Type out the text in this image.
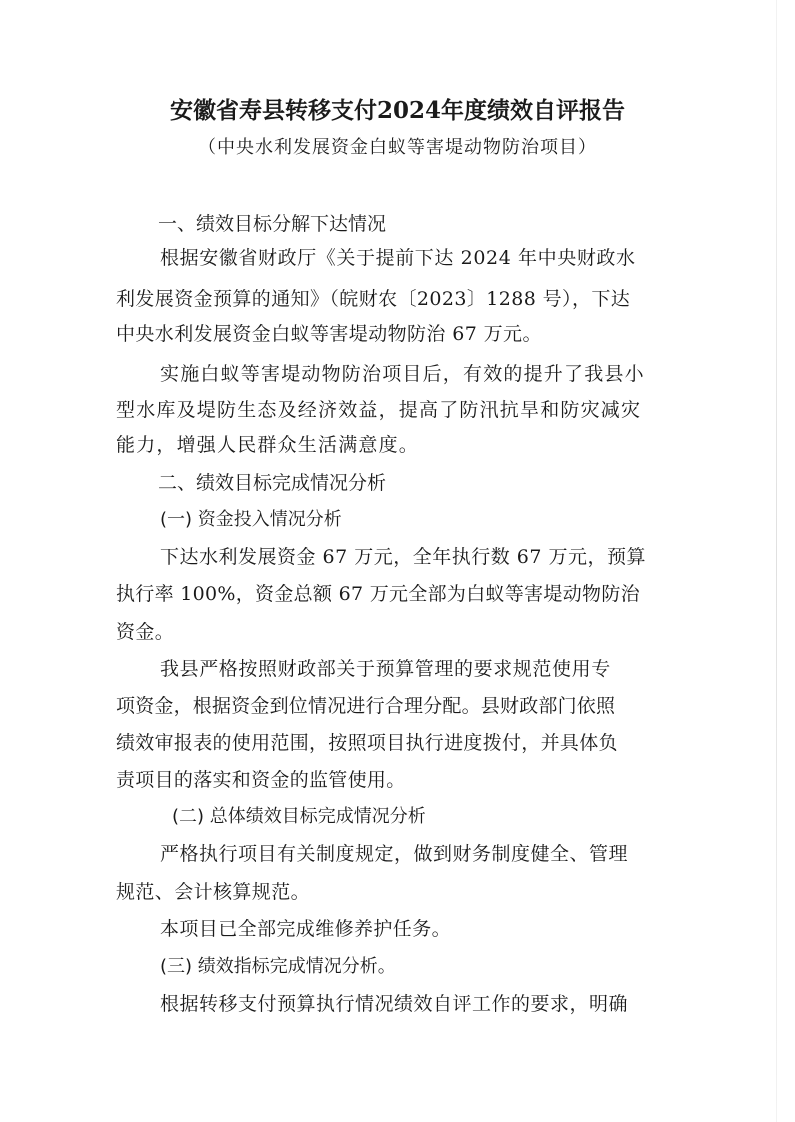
安徽省寿县转移支付2024年度绩效自评报告
（中央水利发展资金白蚁等害堤动物防治项目）
一、绩效目标分解下达情况
根据安徽省财政厅《关于提前下达 2024 年中央财政水
利发展资金预算的通知》（皖财农〔2023〕1288 号），下达
中央水利发展资金白蚁等害堤动物防治 67 万元。
实施白蚁等害堤动物防治项目后，有效的提升了我县小
型水库及堤防生态及经济效益，提高了防汛抗旱和防灾减灾
能力，增强人民群众生活满意度。
二、绩效目标完成情况分析
(一) 资金投入情况分析
下达水利发展资金 67 万元，全年执行数 67 万元，预算
执行率 100%，资金总额 67 万元全部为白蚁等害堤动物防治
资金。
我县严格按照财政部关于预算管理的要求规范使用专
项资金，根据资金到位情况进行合理分配。县财政部门依照
绩效审报表的使用范围，按照项目执行进度拨付，并具体负
责项目的落实和资金的监管使用。
(二) 总体绩效目标完成情况分析
严格执行项目有关制度规定，做到财务制度健全、管理
规范、会计核算规范。
本项目已全部完成维修养护任务。
(三) 绩效指标完成情况分析。
根据转移支付预算执行情况绩效自评工作的要求，明确
